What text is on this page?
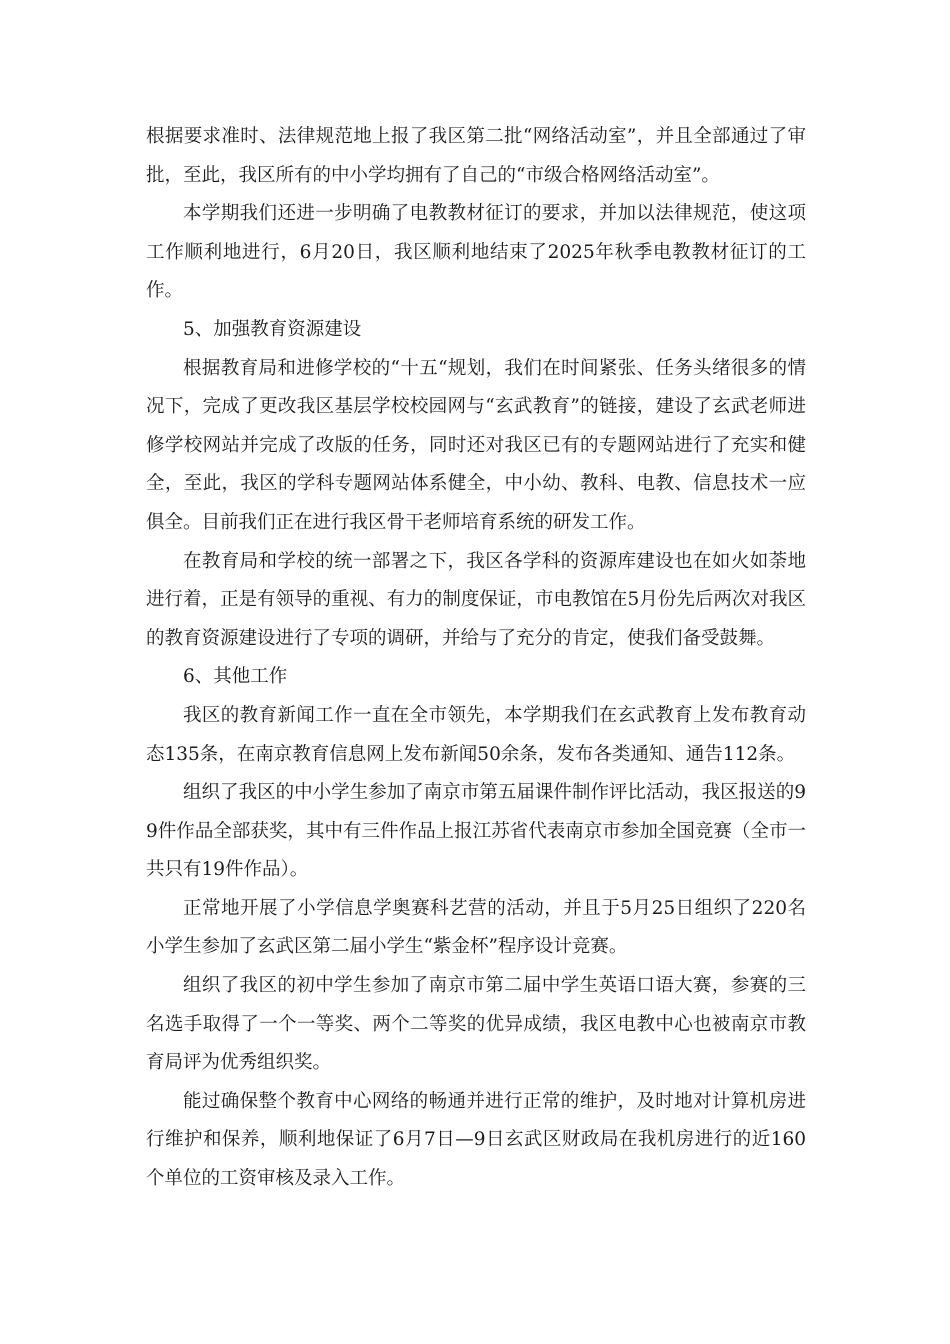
根据要求准时、法律规范地上报了我区第二批“网络活动室”，并且全部通过了审批，至此，我区所有的中小学均拥有了自己的“市级合格网络活动室”。

本学期我们还进一步明确了电教教材征订的要求，并加以法律规范，使这项工作顺利地进行，6月20日，我区顺利地结束了2025年秋季电教教材征订的工作。

5、加强教育资源建设

根据教育局和进修学校的“十五“规划，我们在时间紧张、任务头绪很多的情况下，完成了更改我区基层学校校园网与“玄武教育”的链接，建设了玄武老师进修学校网站并完成了改版的任务，同时还对我区已有的专题网站进行了充实和健全，至此，我区的学科专题网站体系健全，中小幼、教科、电教、信息技术一应俱全。目前我们正在进行我区骨干老师培育系统的研发工作。

在教育局和学校的统一部署之下，我区各学科的资源库建设也在如火如荼地进行着，正是有领导的重视、有力的制度保证，市电教馆在5月份先后两次对我区的教育资源建设进行了专项的调研，并给与了充分的肯定，使我们备受鼓舞。

6、其他工作

我区的教育新闻工作一直在全市领先，本学期我们在玄武教育上发布教育动态135条，在南京教育信息网上发布新闻50余条，发布各类通知、通告112条。

组织了我区的中小学生参加了南京市第五届课件制作评比活动，我区报送的99件作品全部获奖，其中有三件作品上报江苏省代表南京市参加全国竞赛（全市一共只有19件作品）。

正常地开展了小学信息学奥赛科艺营的活动，并且于5月25日组织了220名小学生参加了玄武区第二届小学生“紫金杯”程序设计竞赛。

组织了我区的初中学生参加了南京市第二届中学生英语口语大赛，参赛的三名选手取得了一个一等奖、两个二等奖的优异成绩，我区电教中心也被南京市教育局评为优秀组织奖。

能过确保整个教育中心网络的畅通并进行正常的维护，及时地对计算机房进行维护和保养，顺利地保证了6月7日—9日玄武区财政局在我机房进行的近160个单位的工资审核及录入工作。
